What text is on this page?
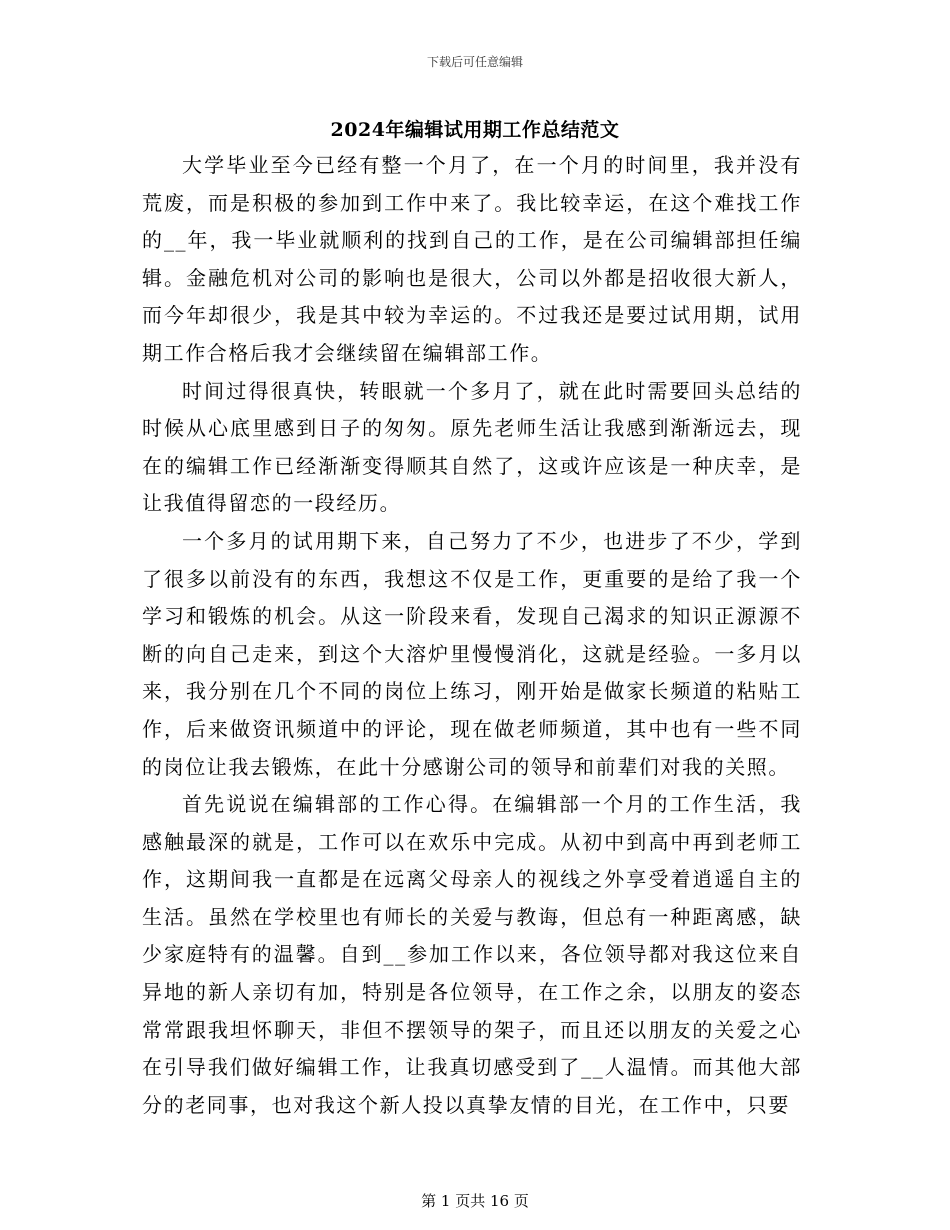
下载后可任意编辑
2024年编辑试用期工作总结范文

大学毕业至今已经有整一个月了，在一个月的时间里，我并没有荒废，而是积极的参加到工作中来了。我比较幸运，在这个难找工作的__年，我一毕业就顺利的找到自己的工作，是在公司编辑部担任编辑。金融危机对公司的影响也是很大，公司以外都是招收很大新人，而今年却很少，我是其中较为幸运的。不过我还是要过试用期，试用期工作合格后我才会继续留在编辑部工作。

时间过得很真快，转眼就一个多月了，就在此时需要回头总结的时候从心底里感到日子的匆匆。原先老师生活让我感到渐渐远去，现在的编辑工作已经渐渐变得顺其自然了，这或许应该是一种庆幸，是让我值得留恋的一段经历。

一个多月的试用期下来，自己努力了不少，也进步了不少，学到了很多以前没有的东西，我想这不仅是工作，更重要的是给了我一个学习和锻炼的机会。从这一阶段来看，发现自己渴求的知识正源源不断的向自己走来，到这个大溶炉里慢慢消化，这就是经验。一多月以来，我分别在几个不同的岗位上练习，刚开始是做家长频道的粘贴工作，后来做资讯频道中的评论，现在做老师频道，其中也有一些不同的岗位让我去锻炼，在此十分感谢公司的领导和前辈们对我的关照。

首先说说在编辑部的工作心得。在编辑部一个月的工作生活，我感触最深的就是，工作可以在欢乐中完成。从初中到高中再到老师工作，这期间我一直都是在远离父母亲人的视线之外享受着逍遥自主的生活。虽然在学校里也有师长的关爱与教诲，但总有一种距离感，缺少家庭特有的温馨。自到__参加工作以来，各位领导都对我这位来自异地的新人亲切有加，特别是各位领导，在工作之余，以朋友的姿态常常跟我坦怀聊天，非但不摆领导的架子，而且还以朋友的关爱之心在引导我们做好编辑工作，让我真切感受到了__人温情。而其他大部分的老同事，也对我这个新人投以真挚友情的目光，在工作中，只要

第 1 页共 16 页
